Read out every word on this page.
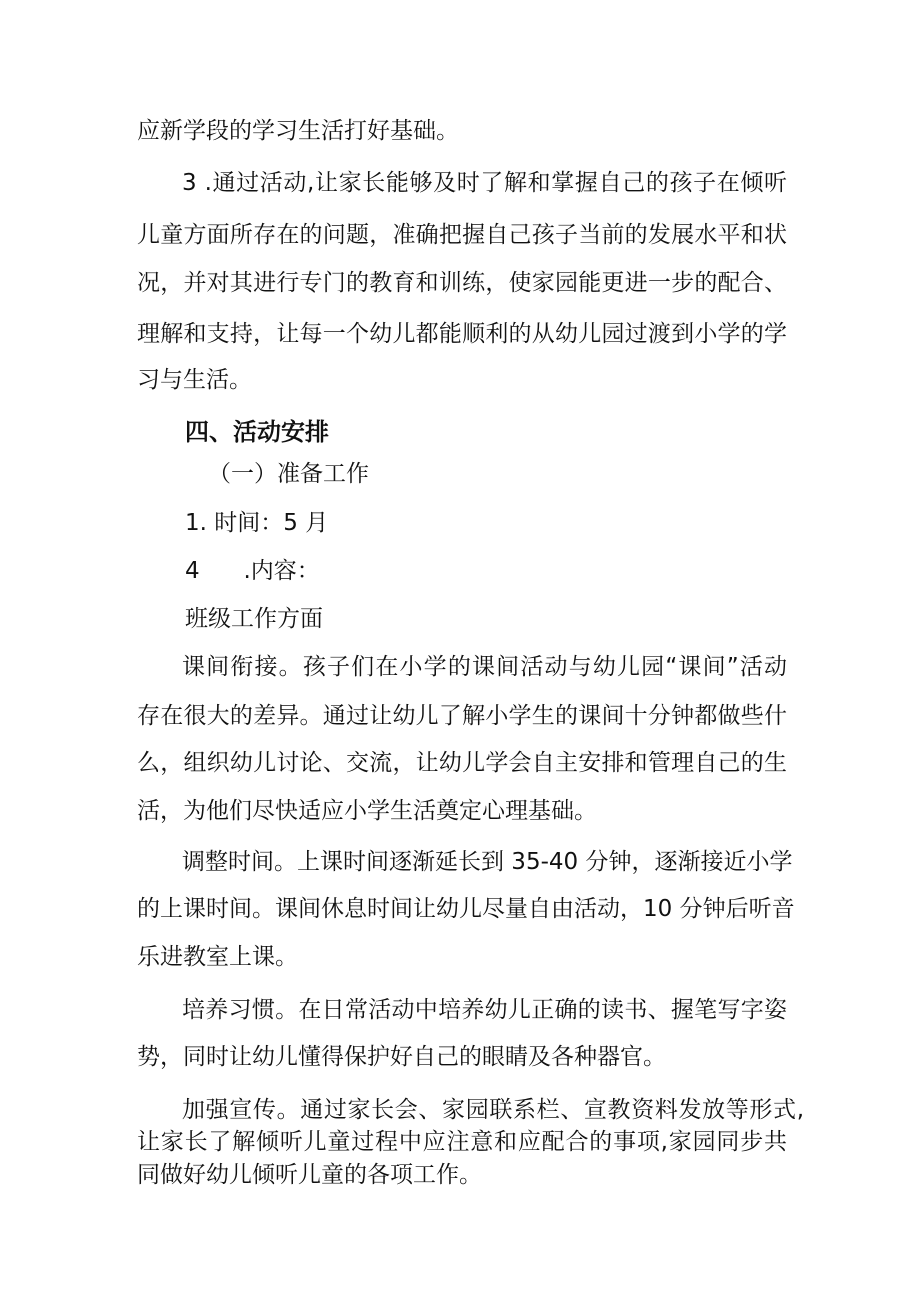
应新学段的学习生活打好基础。
3 .通过活动,让家长能够及时了解和掌握自己的孩子在倾听
儿童方面所存在的问题，准确把握自己孩子当前的发展水平和状
况，并对其进行专门的教育和训练，使家园能更进一步的配合、
理解和支持，让每一个幼儿都能顺利的从幼儿园过渡到小学的学
习与生活。
四、活动安排
（一）准备工作
1. 时间：5 月
4      .内容：
班级工作方面
课间衔接。孩子们在小学的课间活动与幼儿园“课间”活动
存在很大的差异。通过让幼儿了解小学生的课间十分钟都做些什
么，组织幼儿讨论、交流，让幼儿学会自主安排和管理自己的生
活，为他们尽快适应小学生活奠定心理基础。
调整时间。上课时间逐渐延长到 35-40 分钟，逐渐接近小学
的上课时间。课间休息时间让幼儿尽量自由活动，10 分钟后听音
乐进教室上课。
培养习惯。在日常活动中培养幼儿正确的读书、握笔写字姿
势，同时让幼儿懂得保护好自己的眼睛及各种器官。
加强宣传。通过家长会、家园联系栏、宣教资料发放等形式,
让家长了解倾听儿童过程中应注意和应配合的事项,家园同步共
同做好幼儿倾听儿童的各项工作。
